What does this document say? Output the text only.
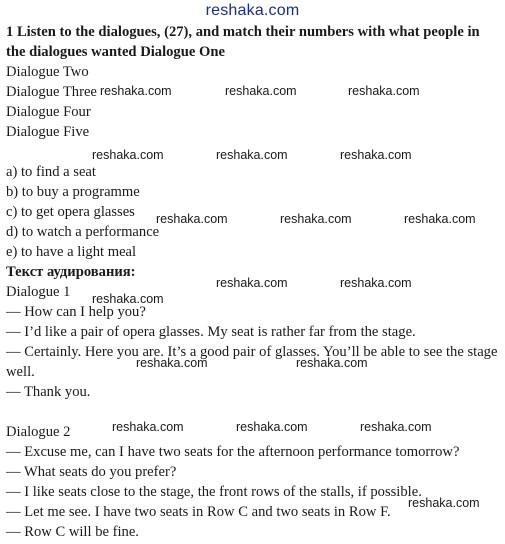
reshaka.com
1 Listen to the dialogues, (27), and match their numbers with what people in the dialogues wanted Dialogue One
Dialogue Two
Dialogue Three
Dialogue Four
Dialogue Five
a) to find a seat
b) to buy a programme
c) to get opera glasses
d) to watch a performance
e) to have a light meal
Текст аудирования:
Dialogue 1
— How can I help you?
— I’d like a pair of opera glasses. My seat is rather far from the stage.
— Certainly. Here you are. It’s a good pair of glasses. You’ll be able to see the stage well.
— Thank you.
Dialogue 2
— Excuse me, can I have two seats for the afternoon performance tomorrow?
— What seats do you prefer?
— I like seats close to the stage, the front rows of the stalls, if possible.
— Let me see. I have two seats in Row C and two seats in Row F.
— Row C will be fine.
reshaka.com	reshaka.com	reshaka.com
reshaka.com	reshaka.com	reshaka.com
reshaka.com	reshaka.com	reshaka.com
reshaka.com	reshaka.com
reshaka.com
reshaka.com	reshaka.com
reshaka.com	reshaka.com	reshaka.com
reshaka.com
